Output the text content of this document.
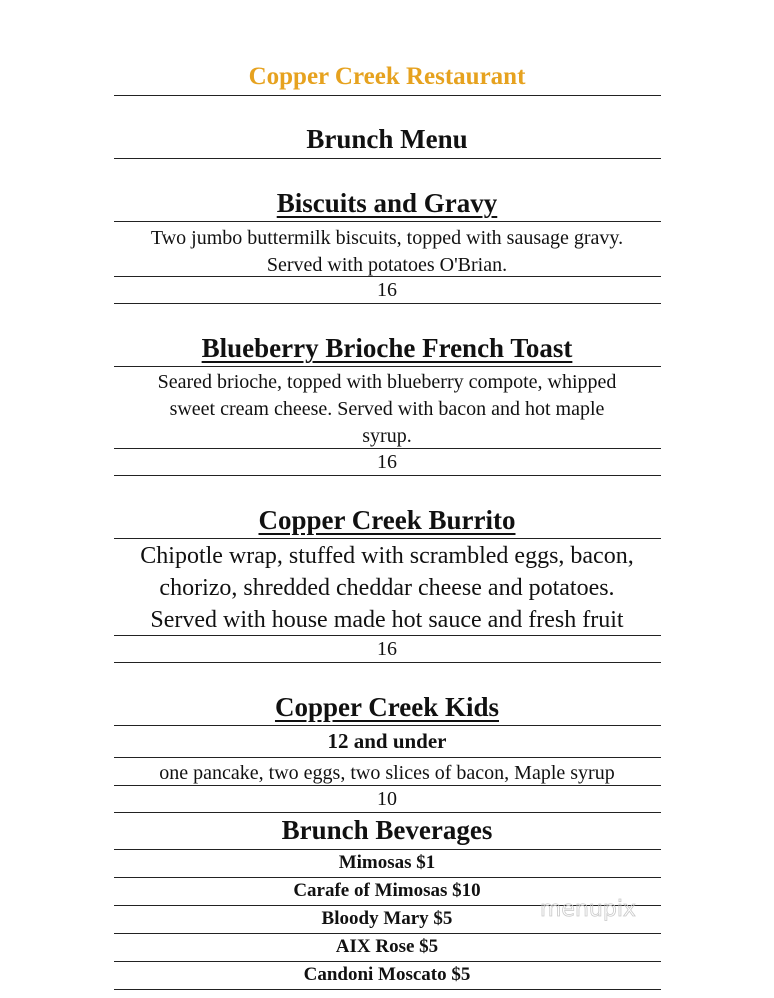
Copper Creek Restaurant
Brunch Menu
Biscuits and Gravy
Two jumbo buttermilk biscuits, topped with sausage gravy.
Served with potatoes O'Brian.
16
Blueberry Brioche French Toast
Seared brioche, topped with blueberry compote, whipped
sweet cream cheese. Served with bacon and hot maple
syrup.
16
Copper Creek Burrito
Chipotle wrap, stuffed with scrambled eggs, bacon,
chorizo, shredded cheddar cheese and potatoes.
Served with house made hot sauce and fresh fruit
16
Copper Creek Kids
12 and under
one pancake, two eggs, two slices of bacon, Maple syrup
10
Brunch Beverages
Mimosas $1
Carafe of Mimosas $10
Bloody Mary $5
AIX Rose $5
Candoni Moscato $5
menupix
